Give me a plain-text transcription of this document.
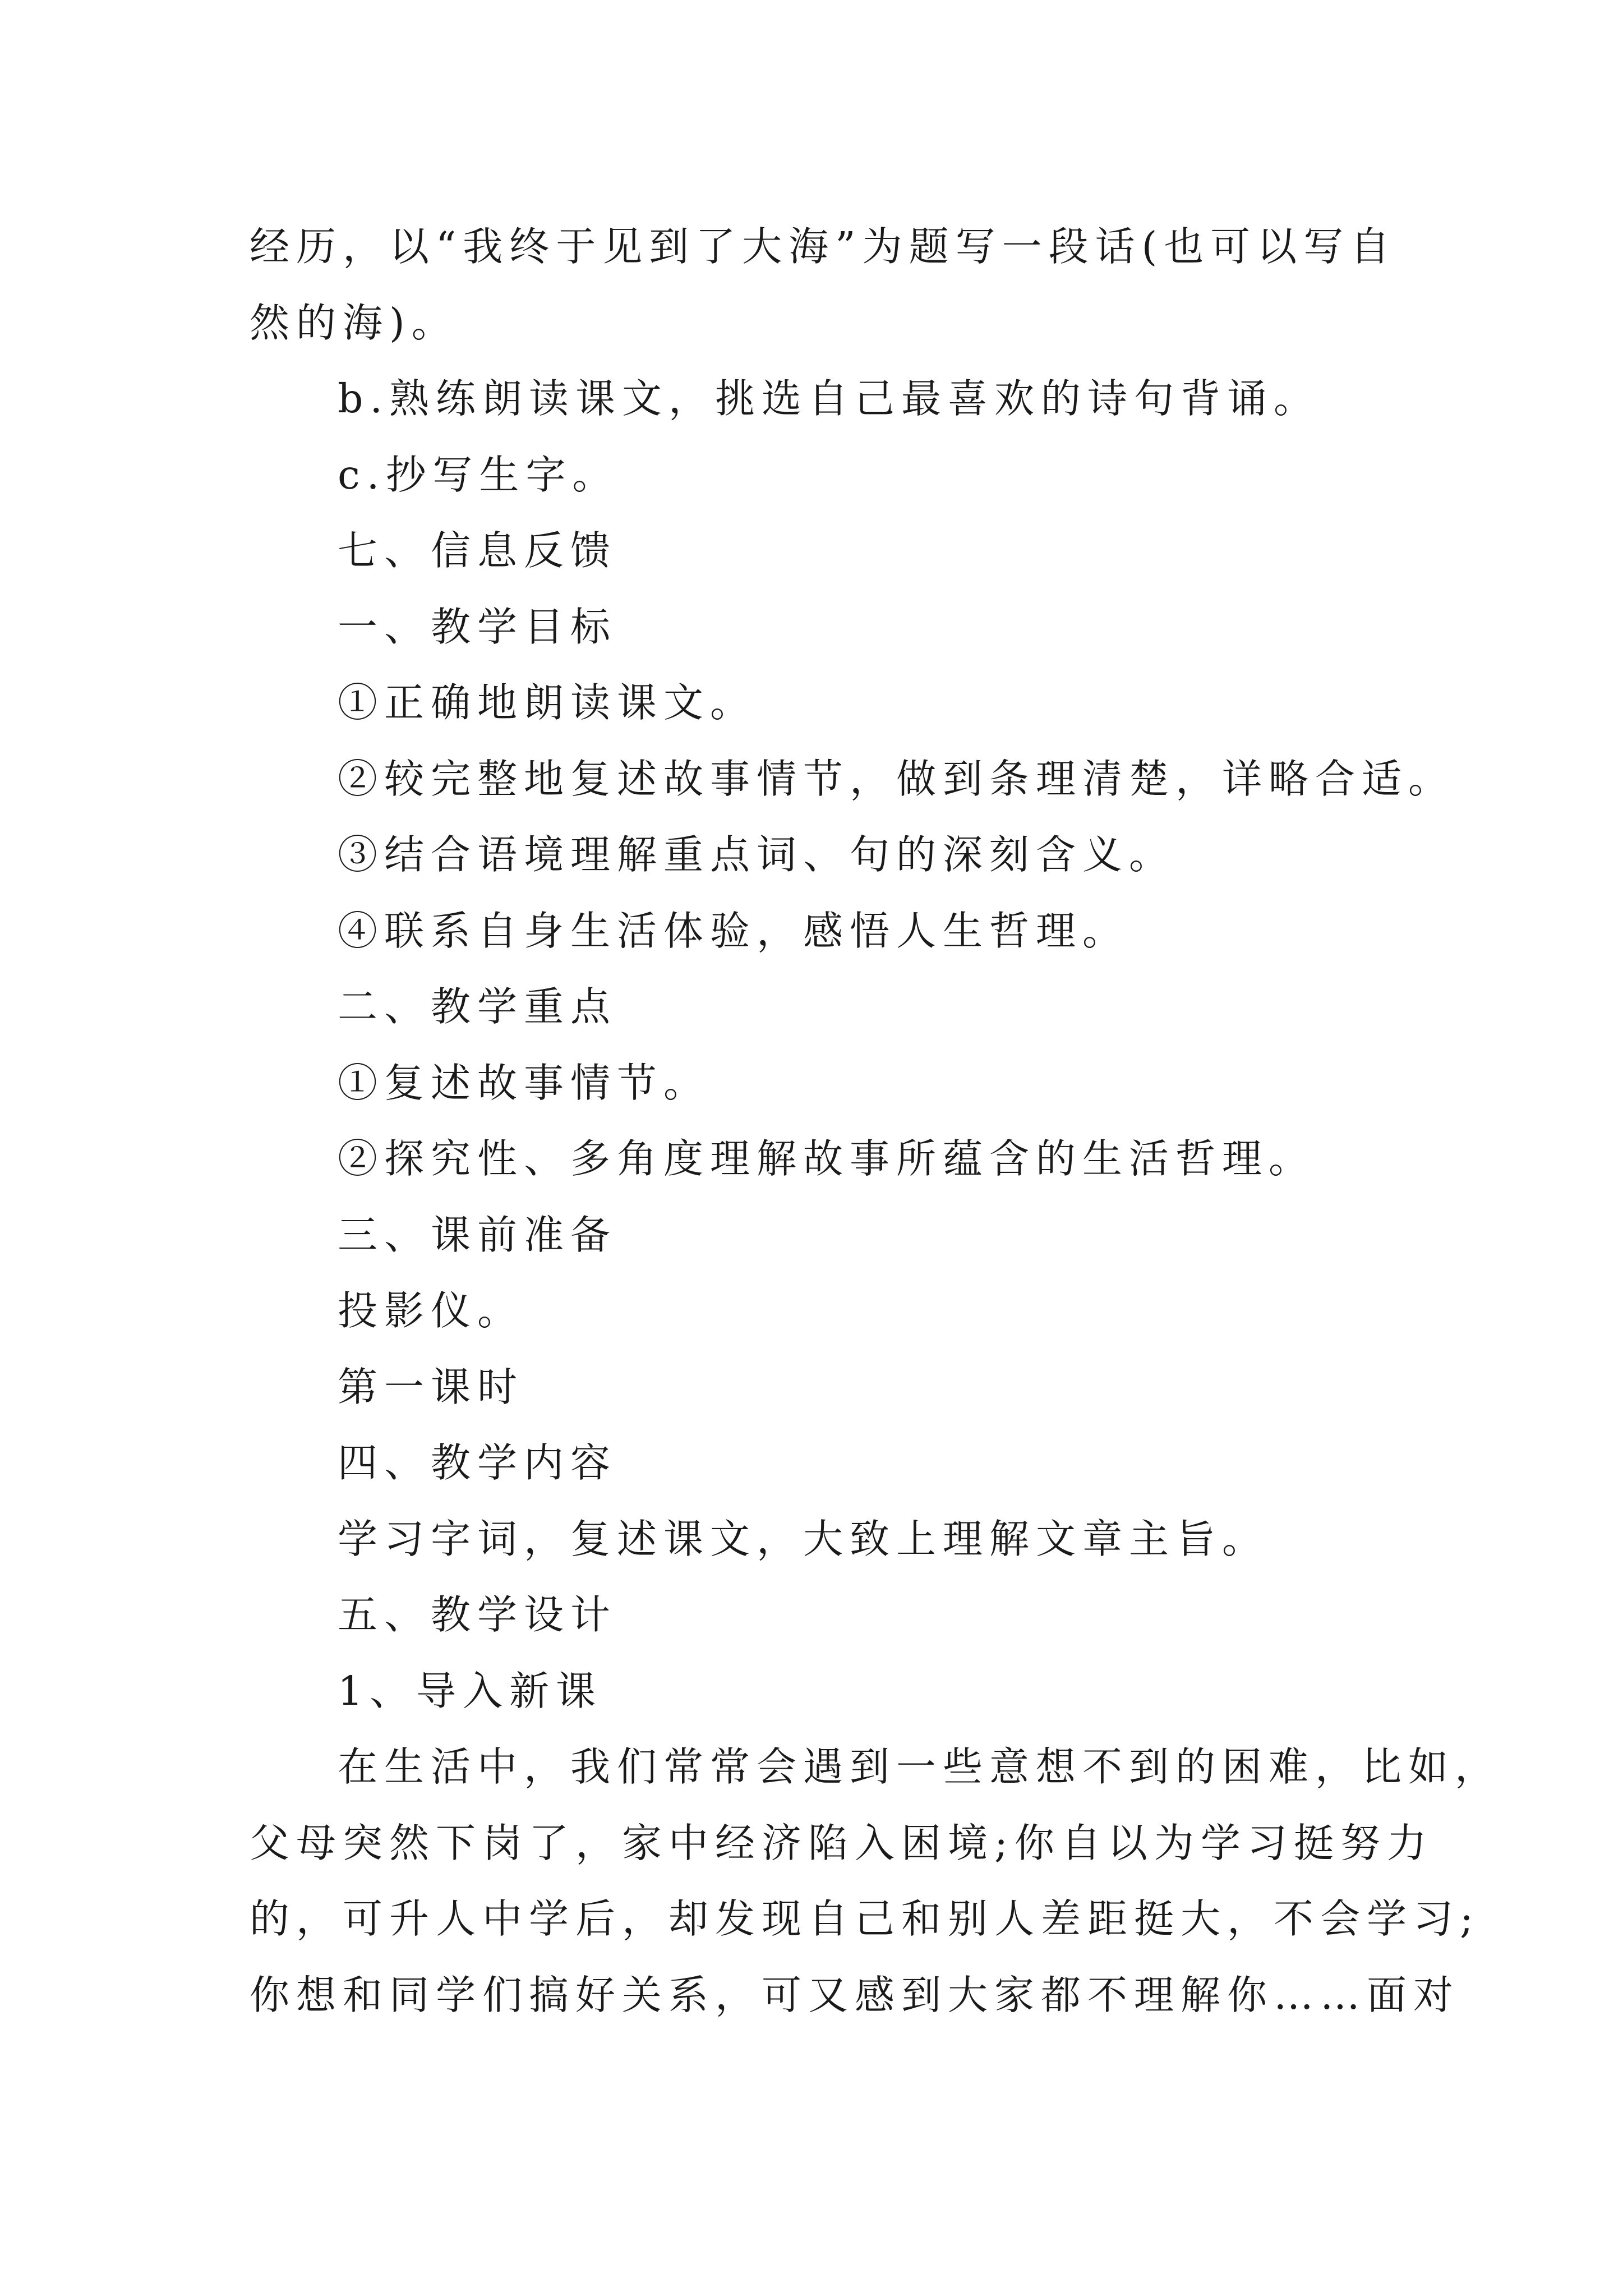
经历，以“我终于见到了大海”为题写一段话(也可以写自
然的海)。
b.熟练朗读课文，挑选自己最喜欢的诗句背诵。
c.抄写生字。
七、信息反馈
一、教学目标
①正确地朗读课文。
②较完整地复述故事情节，做到条理清楚，详略合适。
③结合语境理解重点词、句的深刻含义。
④联系自身生活体验，感悟人生哲理。
二、教学重点
①复述故事情节。
②探究性、多角度理解故事所蕴含的生活哲理。
三、课前准备
投影仪。
第一课时
四、教学内容
学习字词，复述课文，大致上理解文章主旨。
五、教学设计
1、导入新课
在生活中，我们常常会遇到一些意想不到的困难，比如，
父母突然下岗了，家中经济陷入困境;你自以为学习挺努力
的，可升人中学后，却发现自己和别人差距挺大，不会学习;
你想和同学们搞好关系，可又感到大家都不理解你……面对
